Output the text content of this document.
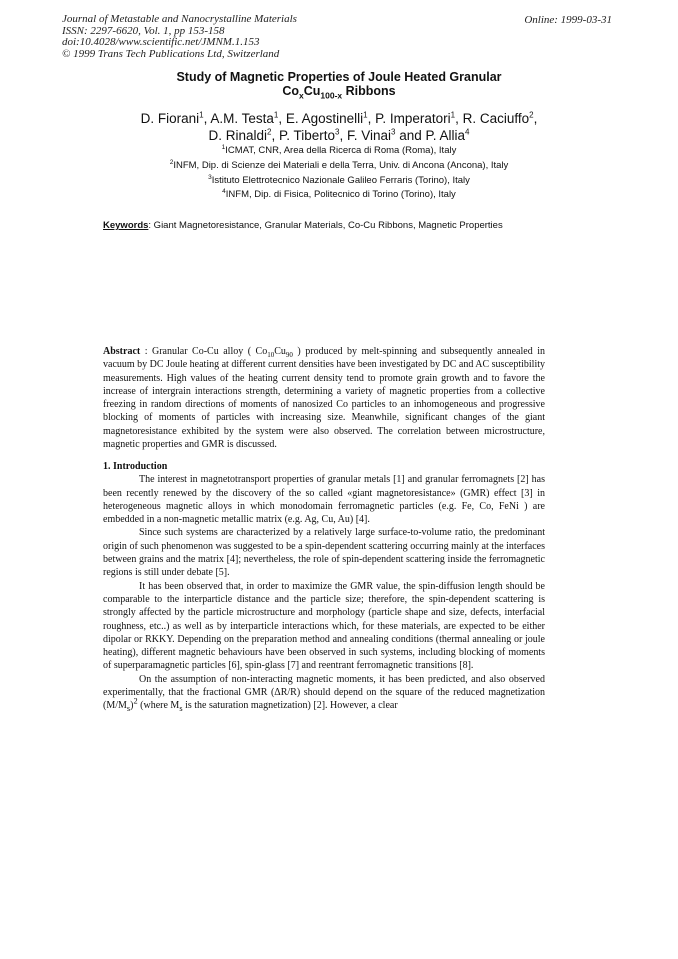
Journal of Metastable and Nanocrystalline Materials
ISSN: 2297-6620, Vol. 1, pp 153-158
doi:10.4028/www.scientific.net/JMNM.1.153
© 1999 Trans Tech Publications Ltd, Switzerland
Online: 1999-03-31
Study of Magnetic Properties of Joule Heated Granular
$Co_xCu_{100-x}$ Ribbons
D. Fiorani$^1$, A.M. Testa$^1$, E. Agostinelli$^1$, P. Imperatori$^1$, R. Caciuffo$^2$,
D. Rinaldi$^2$, P. Tiberto$^3$, F. Vinai$^3$ and P. Allia$^4$
$^1$ICMAT, CNR, Area della Ricerca di Roma (Roma), Italy
$^2$INFM, Dip. di Scienze dei Materiali e della Terra, Univ. di Ancona (Ancona), Italy
$^3$Istituto Elettrotecnico Nazionale Galileo Ferraris (Torino), Italy
$^4$INFM, Dip. di Fisica, Politecnico di Torino (Torino), Italy
Keywords: Giant Magnetoresistance, Granular Materials, Co-Cu Ribbons, Magnetic Properties

Abstract : Granular Co-Cu alloy ( $Co_{10}Cu_{90}$ ) produced by melt-spinning and subsequently annealed in vacuum by DC Joule heating at different current densities have been investigated by DC and AC susceptibility measurements. High values of the heating current density tend to promote grain growth and to favore the increase of intergrain interactions strength, determining a variety of magnetic properties from a collective freezing in random directions of moments of nanosized Co particles to an inhomogeneous and progressive blocking of moments of particles with increasing size. Meanwhile, significant changes of the giant magnetoresistance exhibited by the system were also observed. The correlation between microstructure, magnetic properties and GMR is discussed.

1. Introduction

The interest in magnetotransport properties of granular metals [1] and granular ferromagnets [2] has been recently renewed by the discovery of the so called «giant magnetoresistance» (GMR) effect [3] in heterogeneous magnetic alloys in which monodomain ferromagnetic particles (e.g. Fe, Co, FeNi ) are embedded in a non-magnetic metallic matrix (e.g. Ag, Cu, Au) [4].

Since such systems are characterized by a relatively large surface-to-volume ratio, the predominant origin of such phenomenon was suggested to be a spin-dependent scattering occurring mainly at the interfaces between grains and the matrix [4]; nevertheless, the role of spin-dependent scattering inside the ferromagnetic regions is still under debate [5].

It has been observed that, in order to maximize the GMR value, the spin-diffusion length should be comparable to the interparticle distance and the particle size; therefore, the spin-dependent scattering is strongly affected by the particle microstructure and morphology (particle shape and size, defects, interfacial roughness, etc..) as well as by interparticle interactions which, for these materials, are expected to be either dipolar or RKKY. Depending on the preparation method and annealing conditions (thermal annealing or joule heating), different magnetic behaviours have been observed in such systems, including blocking of moments of superparamagnetic particles [6], spin-glass [7] and reentrant ferromagnetic transitions [8].

On the assumption of non-interacting magnetic moments, it has been predicted, and also observed experimentally, that the fractional GMR (ΔR/R) should depend on the square of the reduced magnetization $(M/M_s)^2$ (where $M_s$ is the saturation magnetization) [2]. However, a clear
